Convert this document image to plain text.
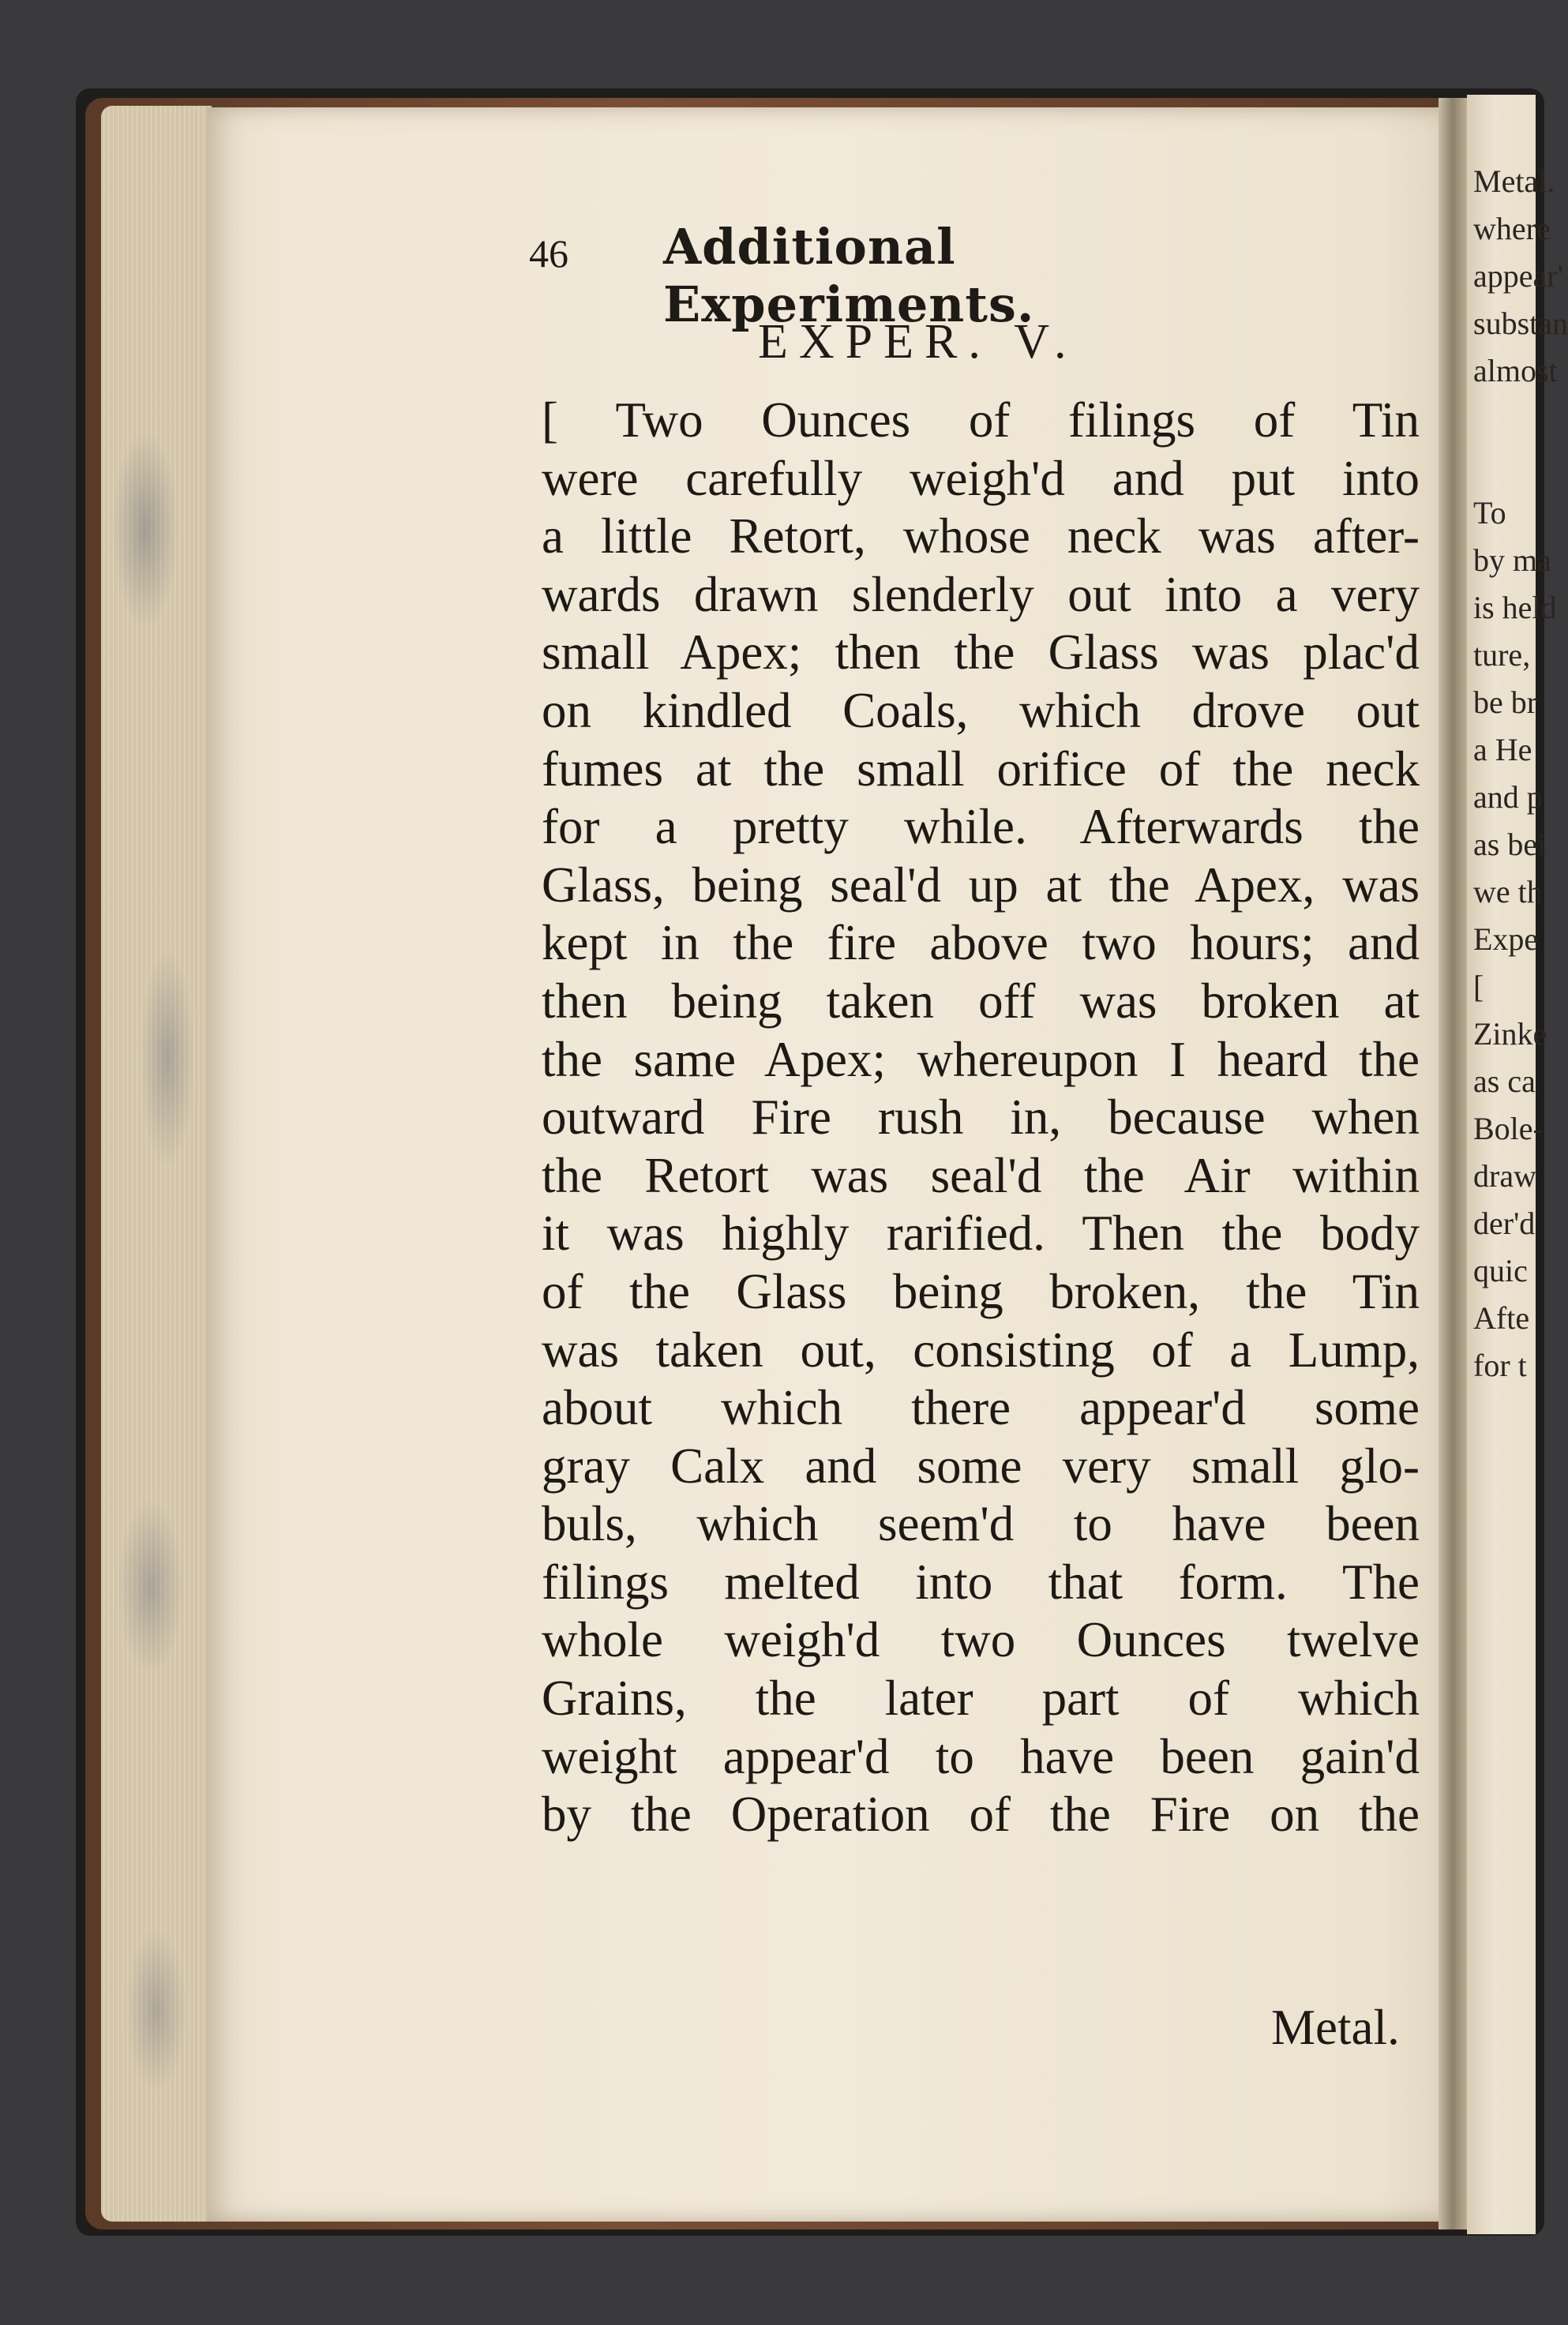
Metal.
where
appear'
substan
almost

To
by ma
is held
ture,
be br
a He
and p
as bei
we th
Expe
[
Zinke
as ca
Bole-
draw
der'd
quic
Afte
for t
46 Additional Experiments.
EXPER. V.
[ Two Ounces of filings of Tin
were carefully weigh'd and put into
a little Retort, whose neck was after-
wards drawn slenderly out into a very
small Apex; then the Glass was plac'd
on kindled Coals, which drove out
fumes at the small orifice of the neck
for a pretty while. Afterwards the
Glass, being seal'd up at the Apex, was
kept in the fire above two hours; and
then being taken off was broken at
the same Apex; whereupon I heard the
outward Fire rush in, because when
the Retort was seal'd the Air within
it was highly rarified. Then the body
of the Glass being broken, the Tin
was taken out, consisting of a Lump,
about which there appear'd some
gray Calx and some very small glo-
buls, which seem'd to have been
filings melted into that form. The
whole weigh'd two Ounces twelve
Grains, the later part of which
weight appear'd to have been gain'd
by the Operation of the Fire on the
Metal.
